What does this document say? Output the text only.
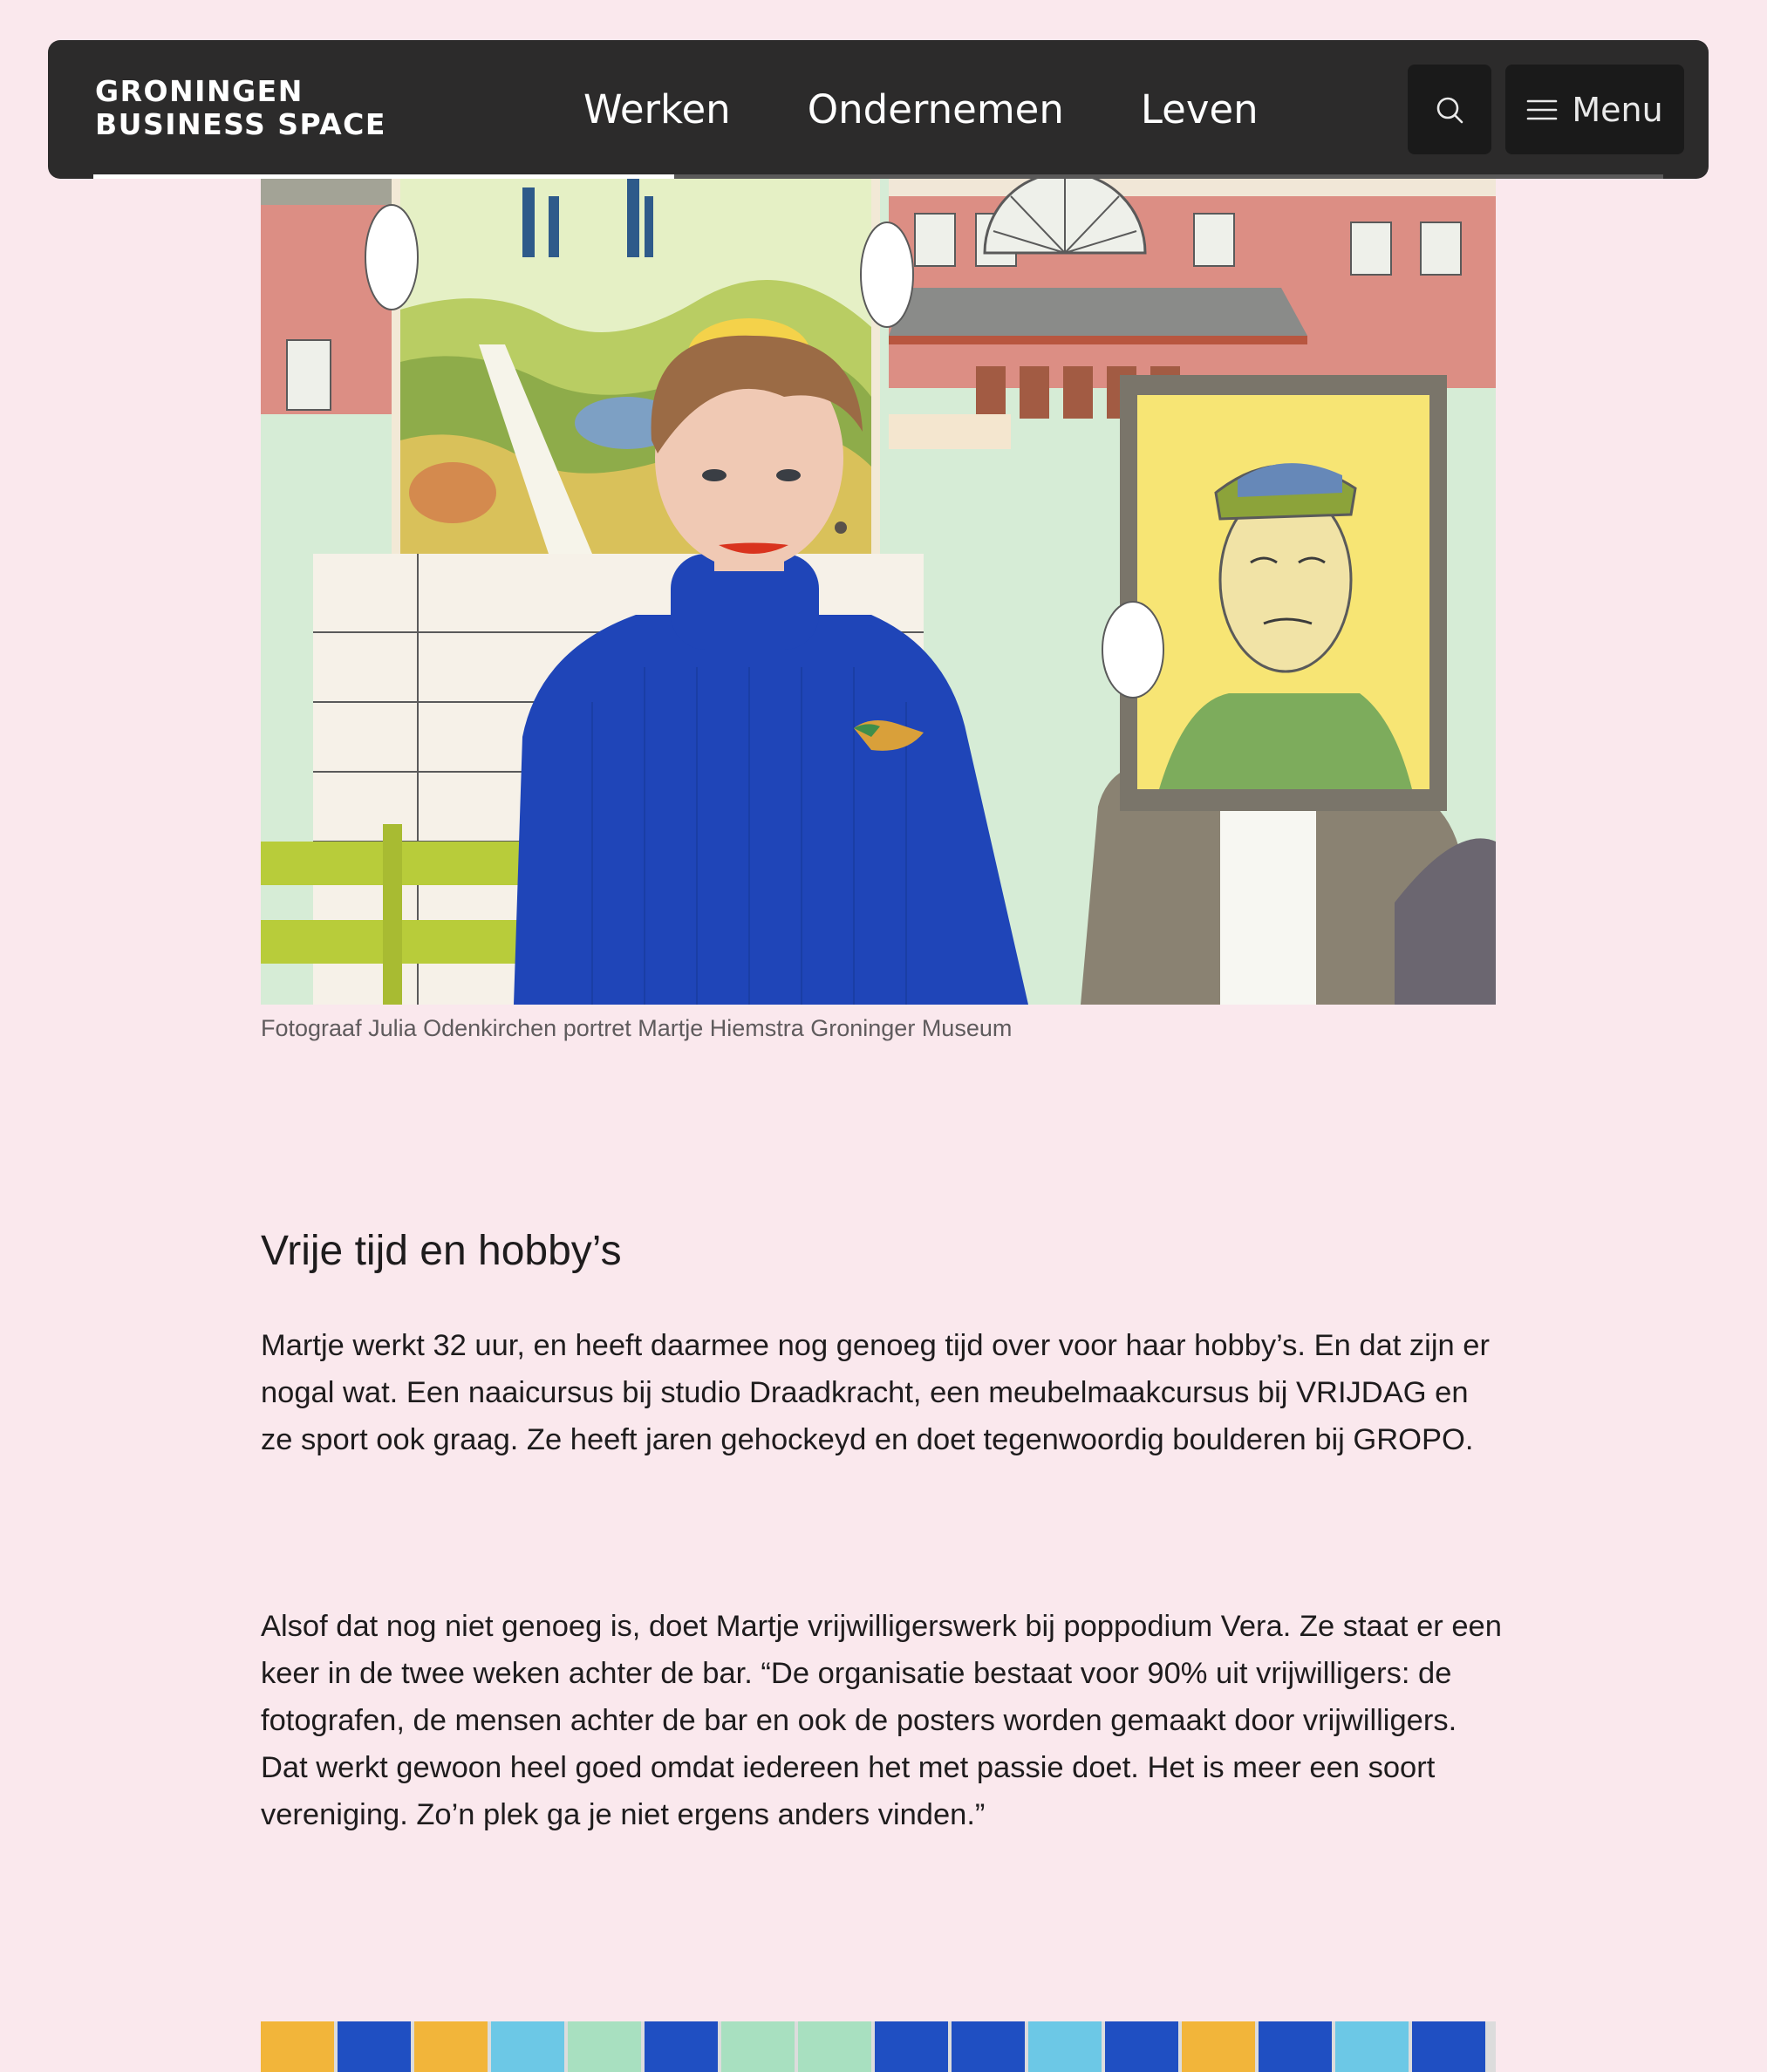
GRONINGEN
BUSINESS SPACE	Werken Ondernemen Leven	Menu
Fotograaf Julia Odenkirchen portret Martje Hiemstra Groninger Museum
Vrije tijd en hobby’s

Martje werkt 32 uur, en heeft daarmee nog genoeg tijd over voor haar hobby’s. En dat zijn er nogal wat. Een naaicursus bij studio Draadkracht, een meubelmaakcursus bij VRIJDAG en ze sport ook graag. Ze heeft jaren gehockeyd en doet tegenwoordig boulderen bij GROPO.

Alsof dat nog niet genoeg is, doet Martje vrijwilligerswerk bij poppodium Vera. Ze staat er een keer in de twee weken achter de bar. “De organisatie bestaat voor 90% uit vrijwilligers: de fotografen, de mensen achter de bar en ook de posters worden gemaakt door vrijwilligers. Dat werkt gewoon heel goed omdat iedereen het met passie doet. Het is meer een soort vereniging. Zo’n plek ga je niet ergens anders vinden.”
